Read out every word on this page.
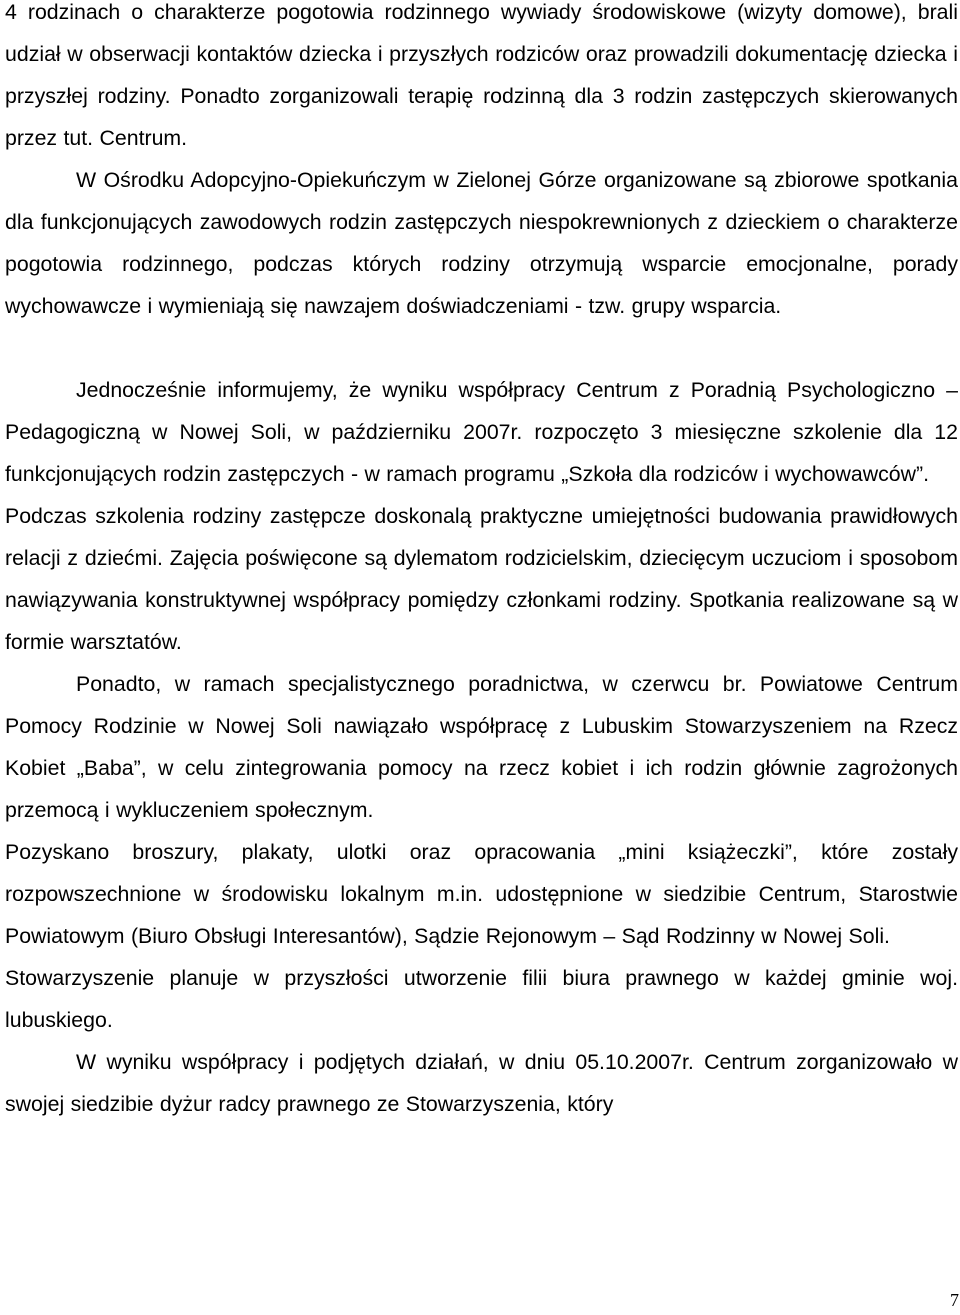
4 rodzinach o charakterze pogotowia rodzinnego wywiady środowiskowe (wizyty domowe), brali udział w obserwacji kontaktów dziecka i przyszłych rodziców oraz prowadzili dokumentację dziecka i przyszłej rodziny. Ponadto zorganizowali terapię rodzinną dla 3 rodzin zastępczych skierowanych przez tut. Centrum.

W Ośrodku Adopcyjno-Opiekuńczym w Zielonej Górze organizowane są zbiorowe spotkania dla funkcjonujących zawodowych rodzin zastępczych niespokrewnionych z dzieckiem o charakterze pogotowia rodzinnego, podczas których rodziny otrzymują wsparcie emocjonalne, porady wychowawcze i wymieniają się nawzajem doświadczeniami - tzw. grupy wsparcia.

Jednocześnie informujemy, że wyniku współpracy Centrum z Poradnią Psychologiczno – Pedagogiczną w Nowej Soli, w październiku 2007r. rozpoczęto 3 miesięczne szkolenie dla 12 funkcjonujących rodzin zastępczych - w ramach programu „Szkoła dla rodziców i wychowawców”.

Podczas szkolenia rodziny zastępcze doskonalą praktyczne umiejętności budowania prawidłowych relacji z dziećmi. Zajęcia poświęcone są dylematom rodzicielskim, dziecięcym uczuciom i sposobom nawiązywania konstruktywnej współpracy pomiędzy członkami rodziny. Spotkania realizowane są w formie warsztatów.

Ponadto, w ramach specjalistycznego poradnictwa, w czerwcu br. Powiatowe Centrum Pomocy Rodzinie w Nowej Soli nawiązało współpracę z Lubuskim Stowarzyszeniem na Rzecz Kobiet „Baba”, w celu zintegrowania pomocy na rzecz kobiet i ich rodzin głównie zagrożonych przemocą i wykluczeniem społecznym.

Pozyskano broszury, plakaty, ulotki oraz opracowania „mini książeczki”, które zostały rozpowszechnione w środowisku lokalnym m.in. udostępnione w siedzibie Centrum, Starostwie Powiatowym (Biuro Obsługi Interesantów), Sądzie Rejonowym – Sąd Rodzinny w Nowej Soli.

Stowarzyszenie planuje w przyszłości utworzenie filii biura prawnego w każdej gminie woj. lubuskiego.

W wyniku współpracy i podjętych działań, w dniu 05.10.2007r. Centrum zorganizowało w swojej siedzibie dyżur radcy prawnego ze Stowarzyszenia, który

7
